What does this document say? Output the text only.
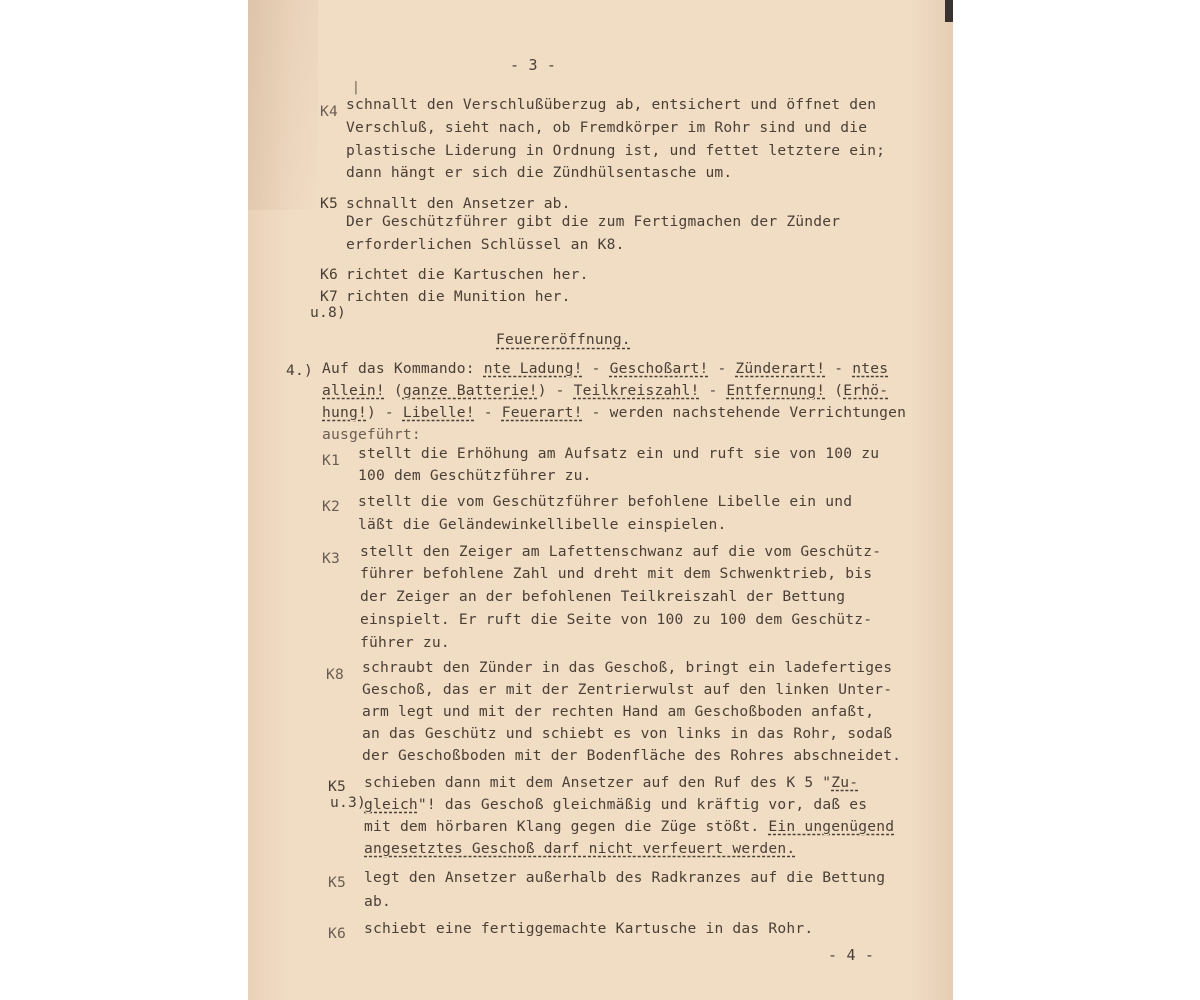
- 3 -
|
K4 schnallt den Verschlußüberzug ab, entsichert und öffnet den
Verschluß, sieht nach, ob Fremdkörper im Rohr sind und die
plastische Liderung in Ordnung ist, und fettet letztere ein;
dann hängt er sich die Zündhülsentasche um.
K5 schnallt den Ansetzer ab.
Der Geschützführer gibt die zum Fertigmachen der Zünder
erforderlichen Schlüssel an K8.
K6 richtet die Kartuschen her.
K7 richten die Munition her.
u.8)
Feuereröffnung.
4.) Auf das Kommando: nte Ladung! - Geschoßart! - Zünderart! - ntes
allein! (ganze Batterie!) - Teilkreiszahl! - Entfernung! (Erhö-
hung!) - Libelle! - Feuerart! - werden nachstehende Verrichtungen
ausgeführt:
K1 stellt die Erhöhung am Aufsatz ein und ruft sie von 100 zu
100 dem Geschützführer zu.
K2 stellt die vom Geschützführer befohlene Libelle ein und
läßt die Geländewinkellibelle einspielen.
K3 stellt den Zeiger am Lafettenschwanz auf die vom Geschütz-
führer befohlene Zahl und dreht mit dem Schwenktrieb, bis
der Zeiger an der befohlenen Teilkreiszahl der Bettung
einspielt. Er ruft die Seite von 100 zu 100 dem Geschütz-
führer zu.
K8 schraubt den Zünder in das Geschoß, bringt ein ladefertiges
Geschoß, das er mit der Zentrierwulst auf den linken Unter-
arm legt und mit der rechten Hand am Geschoßboden anfaßt,
an das Geschütz und schiebt es von links in das Rohr, sodaß
der Geschoßboden mit der Bodenfläche des Rohres abschneidet.
K5 schieben dann mit dem Ansetzer auf den Ruf des K 5 "Zu-
u.3)
gleich"! das Geschoß gleichmäßig und kräftig vor, daß es
mit dem hörbaren Klang gegen die Züge stößt. Ein ungenügend
angesetztes Geschoß darf nicht verfeuert werden.
K5 legt den Ansetzer außerhalb des Radkranzes auf die Bettung
ab.
K6 schiebt eine fertiggemachte Kartusche in das Rohr.
- 4 -
